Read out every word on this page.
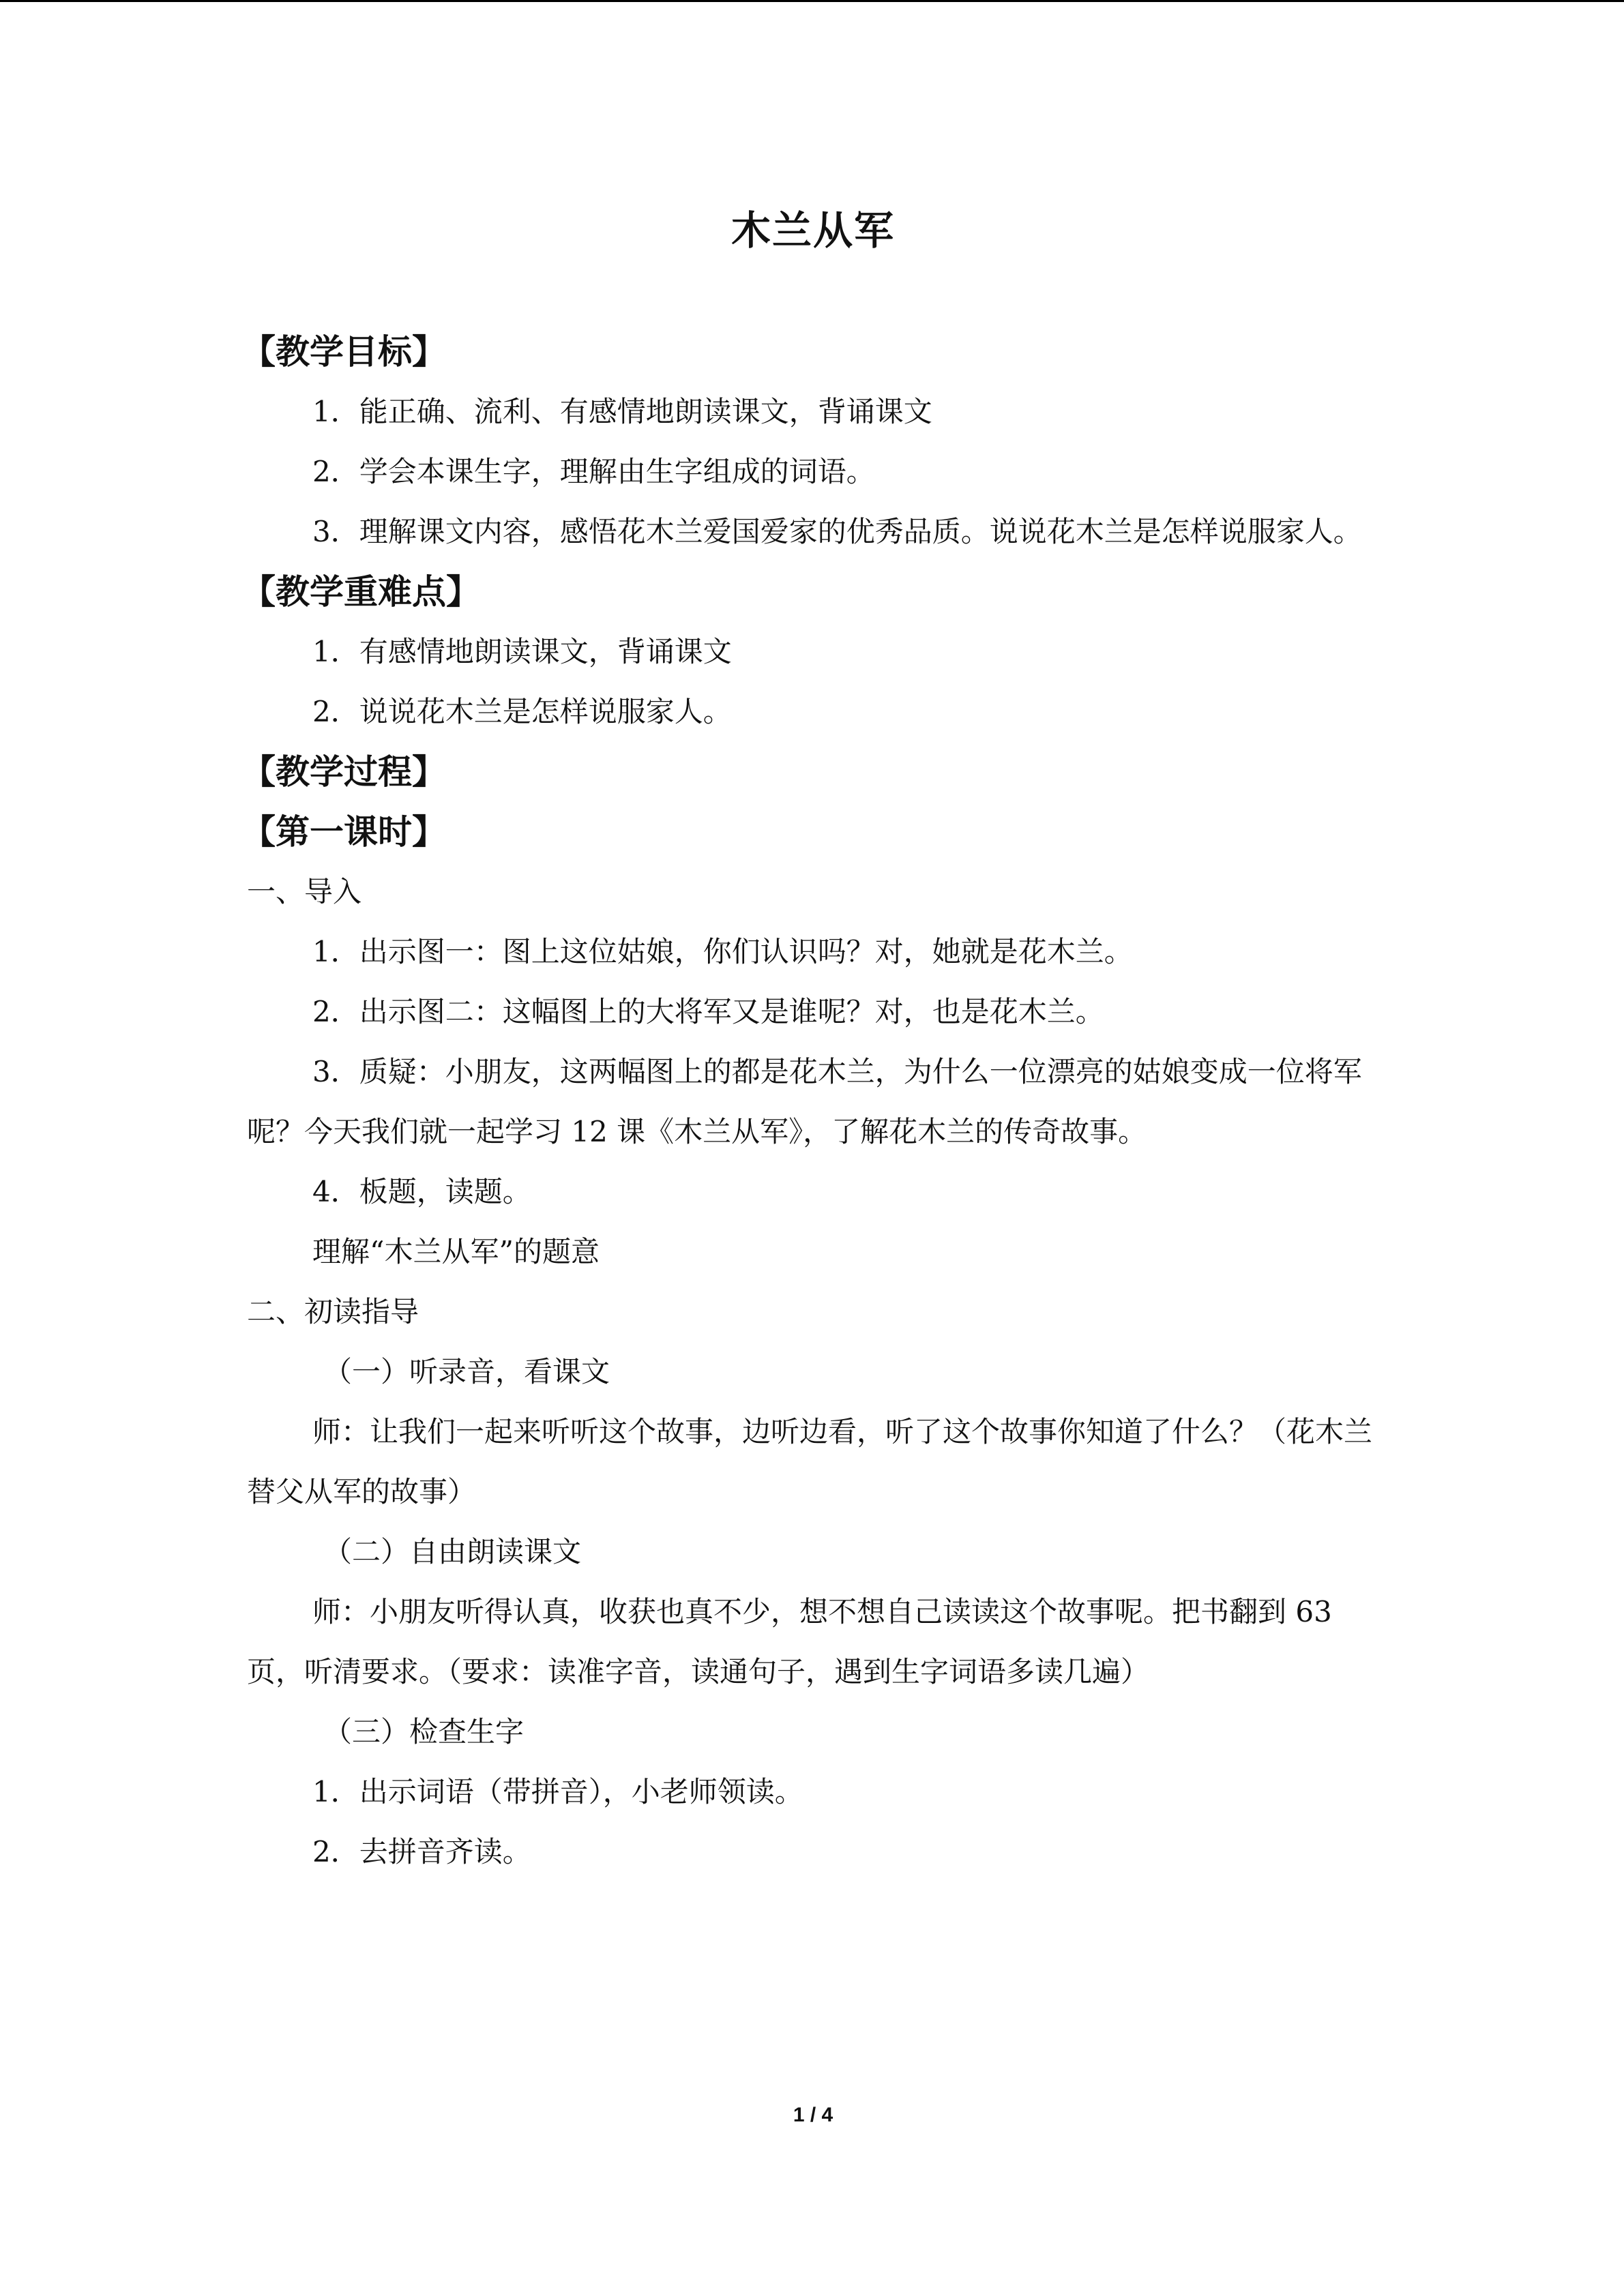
木兰从军
【教学目标】

1．能正确、流利、有感情地朗读课文，背诵课文

2．学会本课生字，理解由生字组成的词语。

3．理解课文内容，感悟花木兰爱国爱家的优秀品质。说说花木兰是怎样说服家人。

【教学重难点】

1．有感情地朗读课文，背诵课文

2．说说花木兰是怎样说服家人。

【教学过程】
【第一课时】

一、导入

1．出示图一：图上这位姑娘，你们认识吗？对，她就是花木兰。

2．出示图二：这幅图上的大将军又是谁呢？对，也是花木兰。

3．质疑：小朋友，这两幅图上的都是花木兰，为什么一位漂亮的姑娘变成一位将军呢？今天我们就一起学习 12 课《木兰从军》，了解花木兰的传奇故事。

4．板题，读题。

理解“木兰从军”的题意

二、初读指导

（一）听录音，看课文

师：让我们一起来听听这个故事，边听边看，听了这个故事你知道了什么？（花木兰替父从军的故事）

（二）自由朗读课文

师：小朋友听得认真，收获也真不少，想不想自己读读这个故事呢。把书翻到 63 页，听清要求。（要求：读准字音，读通句子，遇到生字词语多读几遍）

（三）检查生字

1．出示词语（带拼音），小老师领读。

2．去拼音齐读。

1 / 4
